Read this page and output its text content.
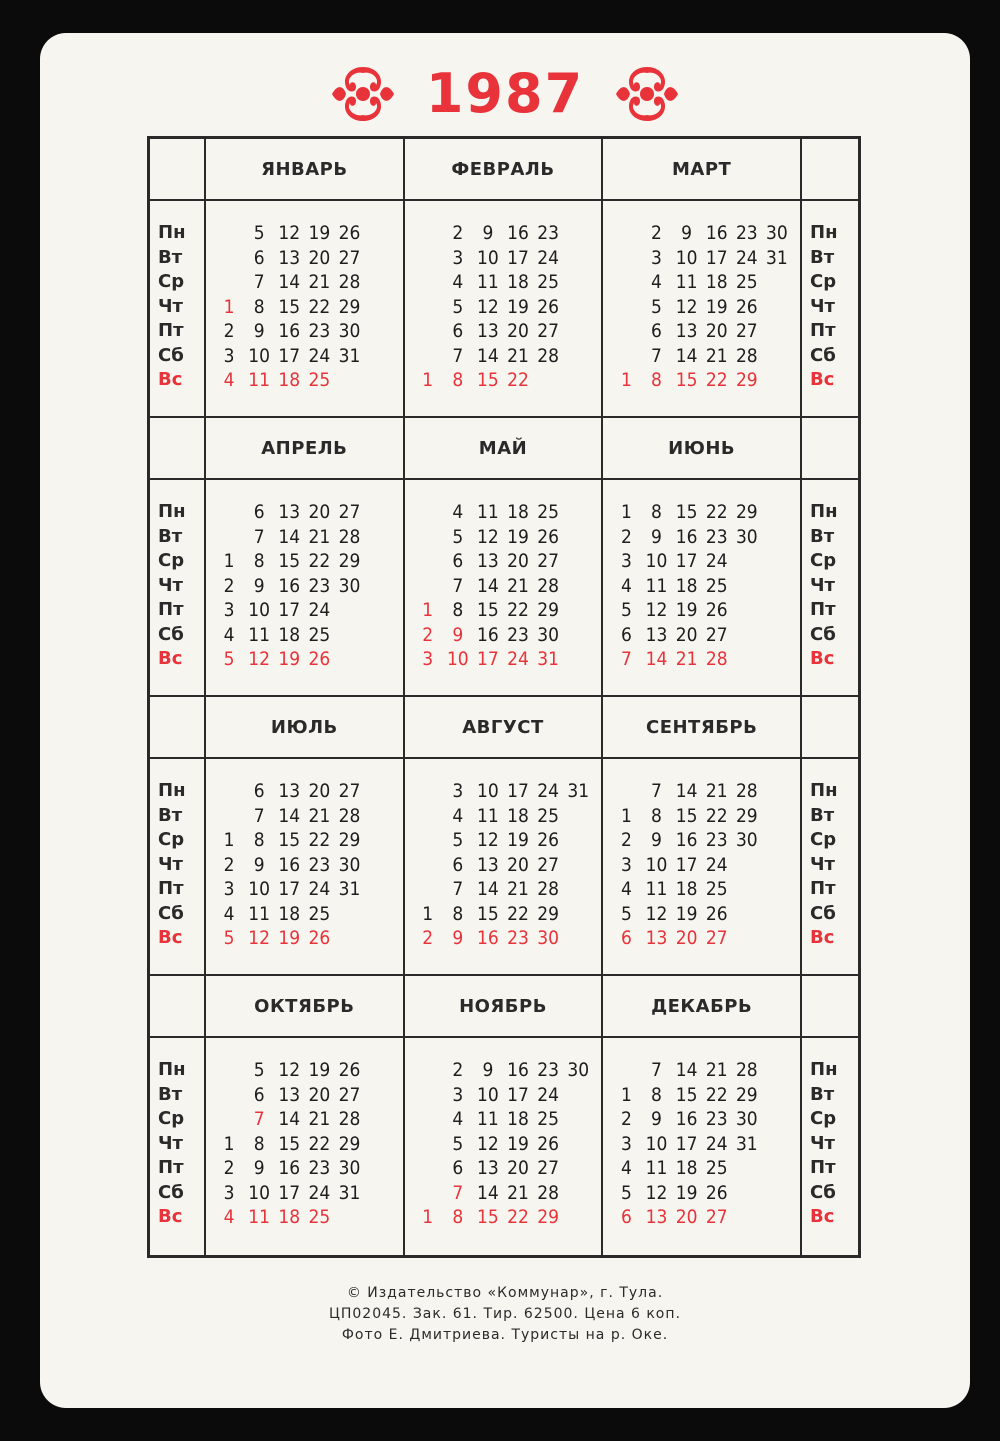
1987
Пн
Вт
Ср
Чт
Пт
Сб
Вс
ЯНВАРЬ
1
2
3
4
5
6
7
8
9
10
11
12
13
14
15
16
17
18
19
20
21
22
23
24
25
26
27
28
29
30
31
ФЕВРАЛЬ
1
2
3
4
5
6
7
8
9
10
11
12
13
14
15
16
17
18
19
20
21
22
23
24
25
26
27
28
МАРТ
1
2
3
4
5
6
7
8
9
10
11
12
13
14
15
16
17
18
19
20
21
22
23
24
25
26
27
28
29
30
31
Пн
Вт
Ср
Чт
Пт
Сб
Вс
Пн
Вт
Ср
Чт
Пт
Сб
Вс
АПРЕЛЬ
1
2
3
4
5
6
7
8
9
10
11
12
13
14
15
16
17
18
19
20
21
22
23
24
25
26
27
28
29
30
МАЙ
1
2
3
4
5
6
7
8
9
10
11
12
13
14
15
16
17
18
19
20
21
22
23
24
25
26
27
28
29
30
31
ИЮНЬ
1
2
3
4
5
6
7
8
9
10
11
12
13
14
15
16
17
18
19
20
21
22
23
24
25
26
27
28
29
30
Пн
Вт
Ср
Чт
Пт
Сб
Вс
Пн
Вт
Ср
Чт
Пт
Сб
Вс
ИЮЛЬ
1
2
3
4
5
6
7
8
9
10
11
12
13
14
15
16
17
18
19
20
21
22
23
24
25
26
27
28
29
30
31
АВГУСТ
1
2
3
4
5
6
7
8
9
10
11
12
13
14
15
16
17
18
19
20
21
22
23
24
25
26
27
28
29
30
31
СЕНТЯБРЬ
1
2
3
4
5
6
7
8
9
10
11
12
13
14
15
16
17
18
19
20
21
22
23
24
25
26
27
28
29
30
Пн
Вт
Ср
Чт
Пт
Сб
Вс
Пн
Вт
Ср
Чт
Пт
Сб
Вс
ОКТЯБРЬ
1
2
3
4
5
6
7
8
9
10
11
12
13
14
15
16
17
18
19
20
21
22
23
24
25
26
27
28
29
30
31
НОЯБРЬ
1
2
3
4
5
6
7
8
9
10
11
12
13
14
15
16
17
18
19
20
21
22
23
24
25
26
27
28
29
30
ДЕКАБРЬ
1
2
3
4
5
6
7
8
9
10
11
12
13
14
15
16
17
18
19
20
21
22
23
24
25
26
27
28
29
30
31
Пн
Вт
Ср
Чт
Пт
Сб
Вс
© Издательство «Коммунар», г. Тула.
ЦП02045. Зак. 61. Тир. 62500. Цена 6 коп.
Фото Е. Дмитриева. Туристы на р. Оке.
